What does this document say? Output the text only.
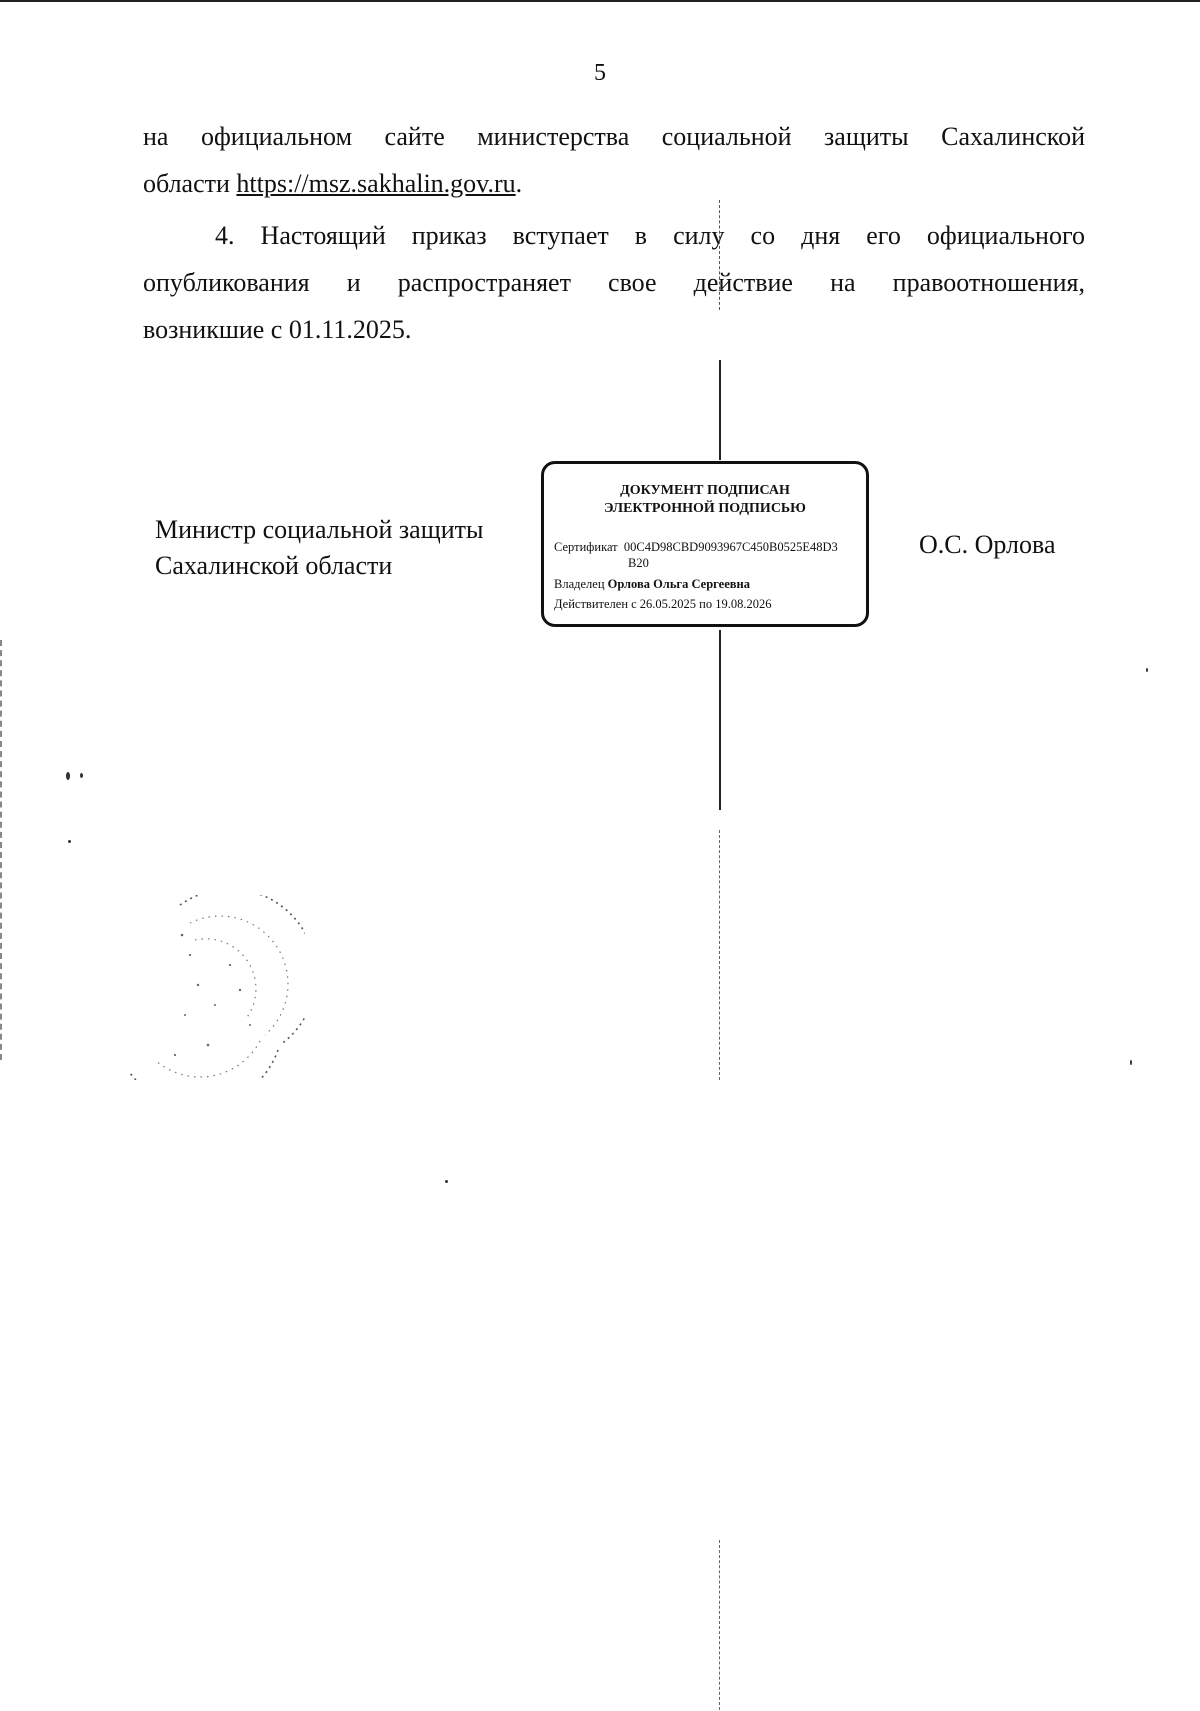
5
на официальном сайте министерства социальной защиты Сахалинской
области https://msz.sakhalin.gov.ru.
4. Настоящий приказ вступает в силу со дня его официального
опубликования и распространяет свое действие на правоотношения,
возникшие с 01.11.2025.
Министр социальной защиты
Сахалинской области
ДОКУМЕНТ ПОДПИСАН
ЭЛЕКТРОННОЙ ПОДПИСЬЮ
Сертификат 00C4D98CBD9093967C450B0525E48D3
B20
Владелец Орлова Ольга Сергеевна
Действителен с 26.05.2025 по 19.08.2026
О.С. Орлова
